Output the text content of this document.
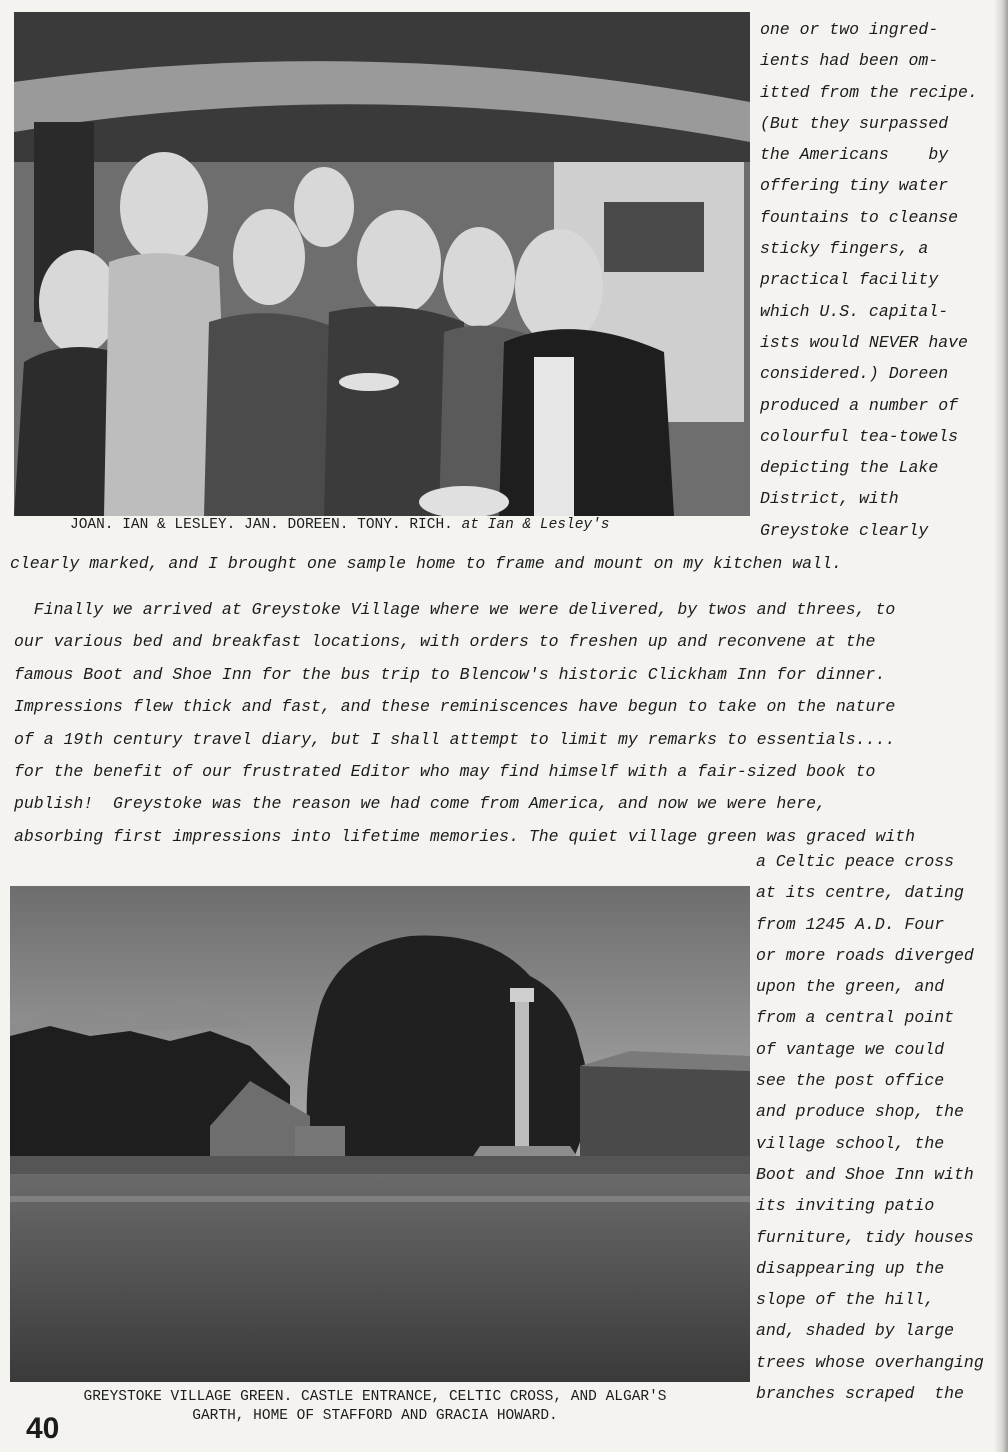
one or two ingred-
ients had been om-
itted from the recipe.
(But they surpassed
the Americans    by
offering tiny water
fountains to cleanse
sticky fingers, a
practical facility
which U.S. capital-
ists would NEVER have
considered.) Doreen
produced a number of
colourful tea-towels
depicting the Lake
District, with
Greystoke clearly
JOAN. IAN & LESLEY. JAN. DOREEN. TONY. RICH. at Ian & Lesley's
clearly marked, and I brought one sample home to frame and mount on my kitchen wall.
Finally we arrived at Greystoke Village where we were delivered, by twos and threes, to
our various bed and breakfast locations, with orders to freshen up and reconvene at the
famous Boot and Shoe Inn for the bus trip to Blencow's historic Clickham Inn for dinner.
Impressions flew thick and fast, and these reminiscences have begun to take on the nature
of a 19th century travel diary, but I shall attempt to limit my remarks to essentials....
for the benefit of our frustrated Editor who may find himself with a fair-sized book to
publish!  Greystoke was the reason we had come from America, and now we were here,
absorbing first impressions into lifetime memories. The quiet village green was graced with
a Celtic peace cross
at its centre, dating
from 1245 A.D. Four
or more roads diverged
upon the green, and
from a central point
of vantage we could
see the post office
and produce shop, the
village school, the
Boot and Shoe Inn with
its inviting patio
furniture, tidy houses
disappearing up the
slope of the hill,
and, shaded by large
trees whose overhanging
branches scraped  the
GREYSTOKE VILLAGE GREEN. CASTLE ENTRANCE, CELTIC CROSS, AND ALGAR'S
GARTH, HOME OF STAFFORD AND GRACIA HOWARD.
40
